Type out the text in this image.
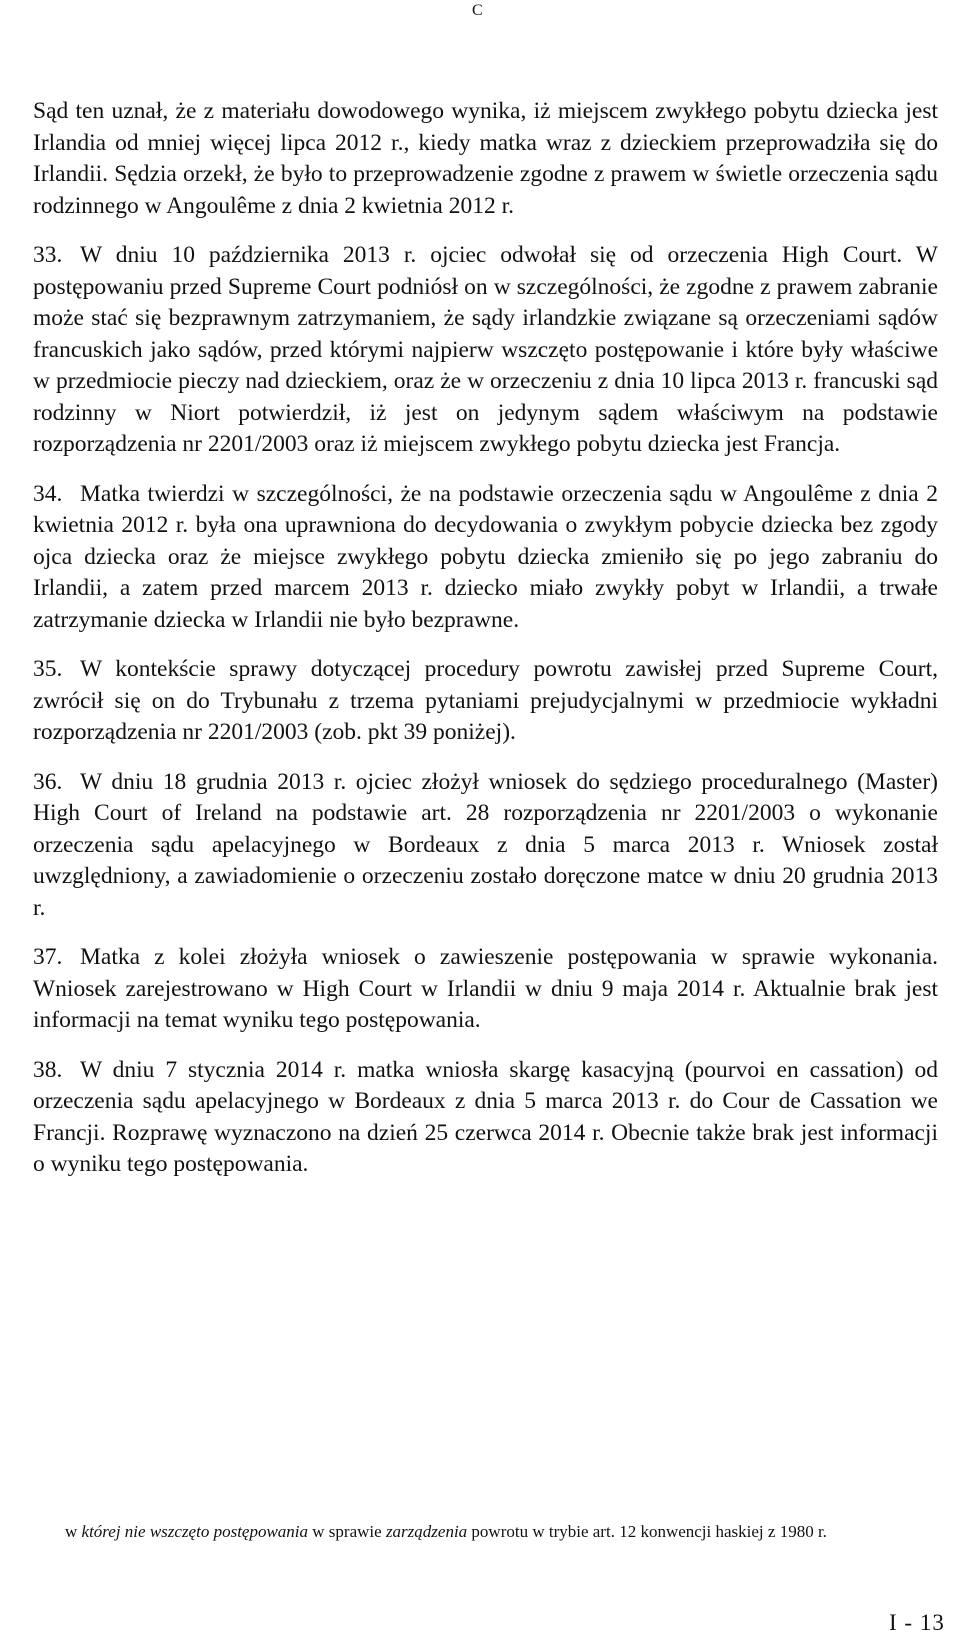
C

Sąd ten uznał, że z materiału dowodowego wynika, iż miejscem zwykłego pobytu dziecka jest Irlandia od mniej więcej lipca 2012 r., kiedy matka wraz z dzieckiem przeprowadziła się do Irlandii. Sędzia orzekł, że było to przeprowadzenie zgodne z prawem w świetle orzeczenia sądu rodzinnego w Angoulême z dnia 2 kwietnia 2012 r.

33. W dniu 10 października 2013 r. ojciec odwołał się od orzeczenia High Court. W postępowaniu przed Supreme Court podniósł on w szczególności, że zgodne z prawem zabranie może stać się bezprawnym zatrzymaniem, że sądy irlandzkie związane są orzeczeniami sądów francuskich jako sądów, przed którymi najpierw wszczęto postępowanie i które były właściwe w przedmiocie pieczy nad dzieckiem, oraz że w orzeczeniu z dnia 10 lipca 2013 r. francuski sąd rodzinny w Niort potwierdził, iż jest on jedynym sądem właściwym na podstawie rozporządzenia nr 2201/2003 oraz iż miejscem zwykłego pobytu dziecka jest Francja.

34. Matka twierdzi w szczególności, że na podstawie orzeczenia sądu w Angoulême z dnia 2 kwietnia 2012 r. była ona uprawniona do decydowania o zwykłym pobycie dziecka bez zgody ojca dziecka oraz że miejsce zwykłego pobytu dziecka zmieniło się po jego zabraniu do Irlandii, a zatem przed marcem 2013 r. dziecko miało zwykły pobyt w Irlandii, a trwałe zatrzymanie dziecka w Irlandii nie było bezprawne.

35. W kontekście sprawy dotyczącej procedury powrotu zawisłej przed Supreme Court, zwrócił się on do Trybunału z trzema pytaniami prejudycjalnymi w przedmiocie wykładni rozporządzenia nr 2201/2003 (zob. pkt 39 poniżej).

36. W dniu 18 grudnia 2013 r. ojciec złożył wniosek do sędziego proceduralnego (Master) High Court of Ireland na podstawie art. 28 rozporządzenia nr 2201/2003 o wykonanie orzeczenia sądu apelacyjnego w Bordeaux z dnia 5 marca 2013 r. Wniosek został uwzględniony, a zawiadomienie o orzeczeniu zostało doręczone matce w dniu 20 grudnia 2013 r.

37. Matka z kolei złożyła wniosek o zawieszenie postępowania w sprawie wykonania. Wniosek zarejestrowano w High Court w Irlandii w dniu 9 maja 2014 r. Aktualnie brak jest informacji na temat wyniku tego postępowania.

38. W dniu 7 stycznia 2014 r. matka wniosła skargę kasacyjną (pourvoi en cassation) od orzeczenia sądu apelacyjnego w Bordeaux z dnia 5 marca 2013 r. do Cour de Cassation we Francji. Rozprawę wyznaczono na dzień 25 czerwca 2014 r. Obecnie także brak jest informacji o wyniku tego postępowania.

w której nie wszczęto postępowania w sprawie zarządzenia powrotu w trybie art. 12 konwencji haskiej z 1980 r.
I - 13
